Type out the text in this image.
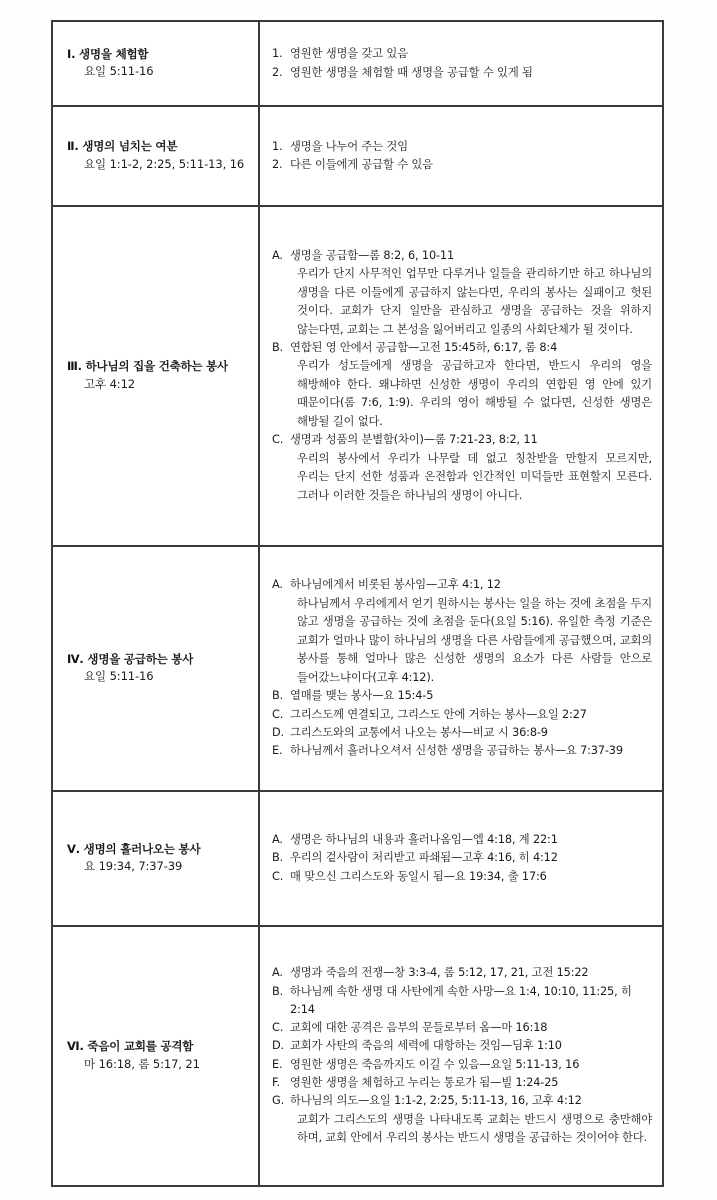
Ⅰ. 생명을 체험함
요일 5:11-16

1. 영원한 생명을 갖고 있음
2. 영원한 생명을 체험할 때 생명을 공급할 수 있게 됨

Ⅱ. 생명의 넘치는 여분
요일 1:1-2, 2:25, 5:11-13, 16

1. 생명을 나누어 주는 것임
2. 다른 이들에게 공급할 수 있음

Ⅲ. 하나님의 집을 건축하는 봉사
고후 4:12

A. 생명을 공급함—롬 8:2, 6, 10-11
우리가 단지 사무적인 업무만 다루거나 일들을 관리하기만 하고 하나님의 생명을 다른 이들에게 공급하지 않는다면, 우리의 봉사는 실패이고 헛된 것이다. 교회가 단지 일만을 관심하고 생명을 공급하는 것을 위하지 않는다면, 교회는 그 본성을 잃어버리고 일종의 사회단체가 될 것이다.
B. 연합된 영 안에서 공급함—고전 15:45하, 6:17, 롬 8:4
우리가 성도들에게 생명을 공급하고자 한다면, 반드시 우리의 영을 해방해야 한다. 왜냐하면 신성한 생명이 우리의 연합된 영 안에 있기 때문이다(롬 7:6, 1:9). 우리의 영이 해방될 수 없다면, 신성한 생명은 해방될 길이 없다.
C. 생명과 성품의 분별함(차이)—롬 7:21-23, 8:2, 11
우리의 봉사에서 우리가 나무랄 데 없고 칭찬받을 만할지 모르지만, 우리는 단지 선한 성품과 온전함과 인간적인 미덕들만 표현할지 모른다. 그러나 이러한 것들은 하나님의 생명이 아니다.

Ⅳ. 생명을 공급하는 봉사
요일 5:11-16

A. 하나님에게서 비롯된 봉사임—고후 4:1, 12
하나님께서 우리에게서 얻기 원하시는 봉사는 일을 하는 것에 초점을 두지 않고 생명을 공급하는 것에 초점을 둔다(요일 5:16). 유일한 측정 기준은 교회가 얼마나 많이 하나님의 생명을 다른 사람들에게 공급했으며, 교회의 봉사를 통해 얼마나 많은 신성한 생명의 요소가 다른 사람들 안으로 들어갔느냐이다(고후 4:12).
B. 열매를 맺는 봉사—요 15:4-5
C. 그리스도께 연결되고, 그리스도 안에 거하는 봉사—요일 2:27
D. 그리스도와의 교통에서 나오는 봉사—비교 시 36:8-9
E. 하나님께서 흘러나오셔서 신성한 생명을 공급하는 봉사—요 7:37-39

Ⅴ. 생명의 흘러나오는 봉사
요 19:34, 7:37-39

A. 생명은 하나님의 내용과 흘러나옴임—엡 4:18, 계 22:1
B. 우리의 겉사람이 처리받고 파쇄됨—고후 4:16, 히 4:12
C. 매 맞으신 그리스도와 동일시 됨—요 19:34, 출 17:6

Ⅵ. 죽음이 교회를 공격함
마 16:18, 롬 5:17, 21

A. 생명과 죽음의 전쟁—창 3:3-4, 롬 5:12, 17, 21, 고전 15:22
B. 하나님께 속한 생명 대 사탄에게 속한 사망—요 1:4, 10:10, 11:25, 히 2:14
C. 교회에 대한 공격은 음부의 문들로부터 옴—마 16:18
D. 교회가 사탄의 죽음의 세력에 대항하는 것임—딤후 1:10
E. 영원한 생명은 죽음까지도 이길 수 있음—요일 5:11-13, 16
F. 영원한 생명을 체험하고 누리는 통로가 됨—빌 1:24-25
G. 하나님의 의도—요일 1:1-2, 2:25, 5:11-13, 16, 고후 4:12
교회가 그리스도의 생명을 나타내도록 교회는 반드시 생명으로 충만해야 하며, 교회 안에서 우리의 봉사는 반드시 생명을 공급하는 것이어야 한다.
